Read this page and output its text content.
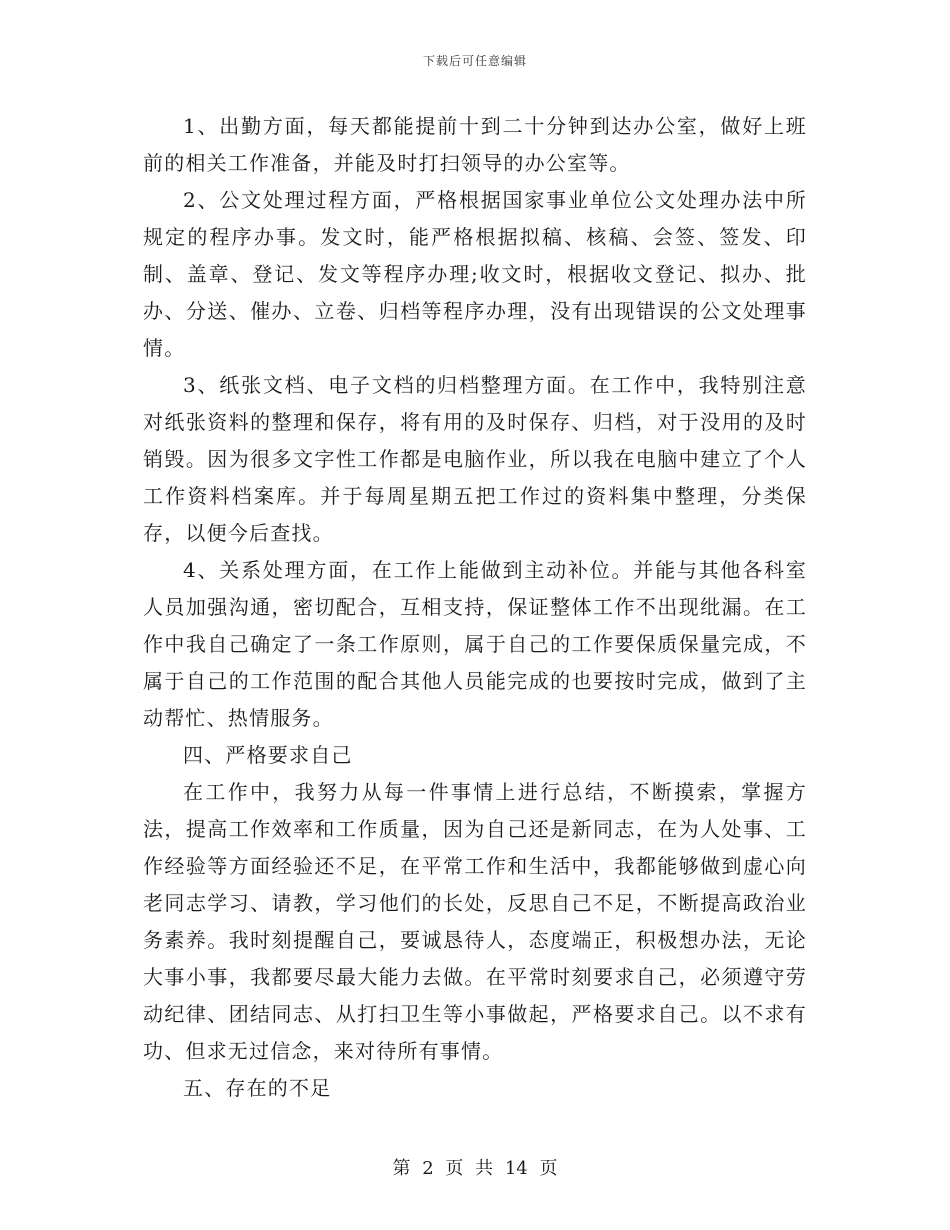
下载后可任意编辑

1、出勤方面，每天都能提前十到二十分钟到达办公室，做好上班前的相关工作准备，并能及时打扫领导的办公室等。

2、公文处理过程方面，严格根据国家事业单位公文处理办法中所规定的程序办事。发文时，能严格根据拟稿、核稿、会签、签发、印制、盖章、登记、发文等程序办理;收文时，根据收文登记、拟办、批办、分送、催办、立卷、归档等程序办理，没有出现错误的公文处理事情。

3、纸张文档、电子文档的归档整理方面。在工作中，我特别注意对纸张资料的整理和保存，将有用的及时保存、归档，对于没用的及时销毁。因为很多文字性工作都是电脑作业，所以我在电脑中建立了个人工作资料档案库。并于每周星期五把工作过的资料集中整理，分类保存，以便今后查找。

4、关系处理方面，在工作上能做到主动补位。并能与其他各科室人员加强沟通，密切配合，互相支持，保证整体工作不出现纰漏。在工作中我自己确定了一条工作原则，属于自己的工作要保质保量完成，不属于自己的工作范围的配合其他人员能完成的也要按时完成，做到了主动帮忙、热情服务。

四、严格要求自己

在工作中，我努力从每一件事情上进行总结，不断摸索，掌握方法，提高工作效率和工作质量，因为自己还是新同志，在为人处事、工作经验等方面经验还不足，在平常工作和生活中，我都能够做到虚心向老同志学习、请教，学习他们的长处，反思自己不足，不断提高政治业务素养。我时刻提醒自己，要诚恳待人，态度端正，积极想办法，无论大事小事，我都要尽最大能力去做。在平常时刻要求自己，必须遵守劳动纪律、团结同志、从打扫卫生等小事做起，严格要求自己。以不求有功、但求无过信念，来对待所有事情。

五、存在的不足

第 2 页 共 14 页
